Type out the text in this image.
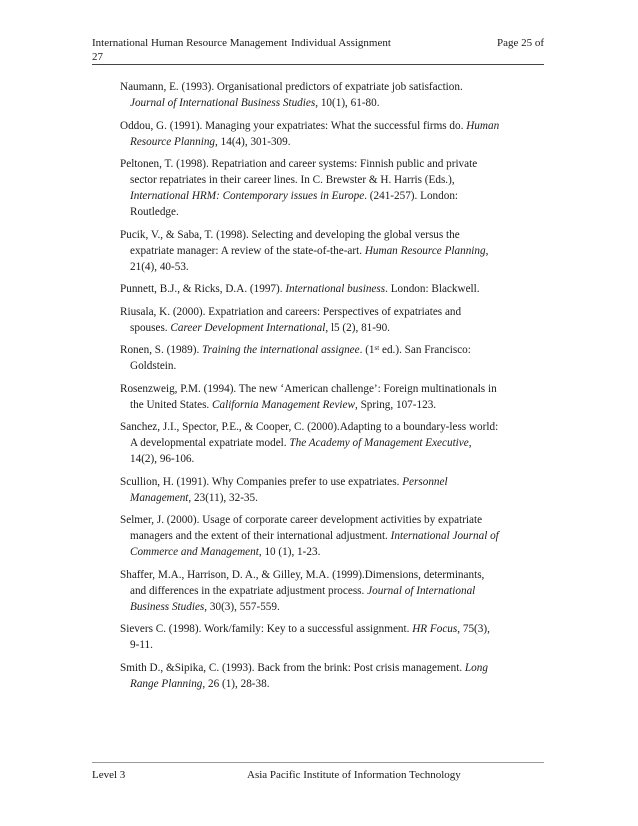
International Human Resource Management Individual Assignment	Page 25 of
27

Naumann, E. (1993). Organisational predictors of expatriate job satisfaction. Journal of International Business Studies, 10(1), 61-80.

Oddou, G. (1991). Managing your expatriates: What the successful firms do. Human Resource Planning, 14(4), 301-309.

Peltonen, T. (1998). Repatriation and career systems: Finnish public and private sector repatriates in their career lines. In C. Brewster & H. Harris (Eds.), International HRM: Contemporary issues in Europe. (241-257). London: Routledge.

Pucik, V., & Saba, T. (1998). Selecting and developing the global versus the expatriate manager: A review of the state-of-the-art. Human Resource Planning, 21(4), 40-53.

Punnett, B.J., & Ricks, D.A. (1997). International business. London: Blackwell.

Riusala, K. (2000). Expatriation and careers: Perspectives of expatriates and spouses. Career Development International, l5 (2), 81-90.

Ronen, S. (1989). Training the international assignee. (1st ed.). San Francisco: Goldstein.

Rosenzweig, P.M. (1994). The new ‘American challenge’: Foreign multinationals in the United States. California Management Review, Spring, 107-123.

Sanchez, J.I., Spector, P.E., & Cooper, C. (2000).Adapting to a boundary-less world: A developmental expatriate model. The Academy of Management Executive, 14(2), 96-106.

Scullion, H. (1991). Why Companies prefer to use expatriates. Personnel Management, 23(11), 32-35.

Selmer, J. (2000). Usage of corporate career development activities by expatriate managers and the extent of their international adjustment. International Journal of Commerce and Management, 10 (1), 1-23.

Shaffer, M.A., Harrison, D. A., & Gilley, M.A. (1999).Dimensions, determinants, and differences in the expatriate adjustment process. Journal of International Business Studies, 30(3), 557-559.

Sievers C. (1998). Work/family: Key to a successful assignment. HR Focus, 75(3), 9-11.

Smith D., &Sipika, C. (1993). Back from the brink: Post crisis management. Long Range Planning, 26 (1), 28-38.

Level 3	Asia Pacific Institute of Information Technology
